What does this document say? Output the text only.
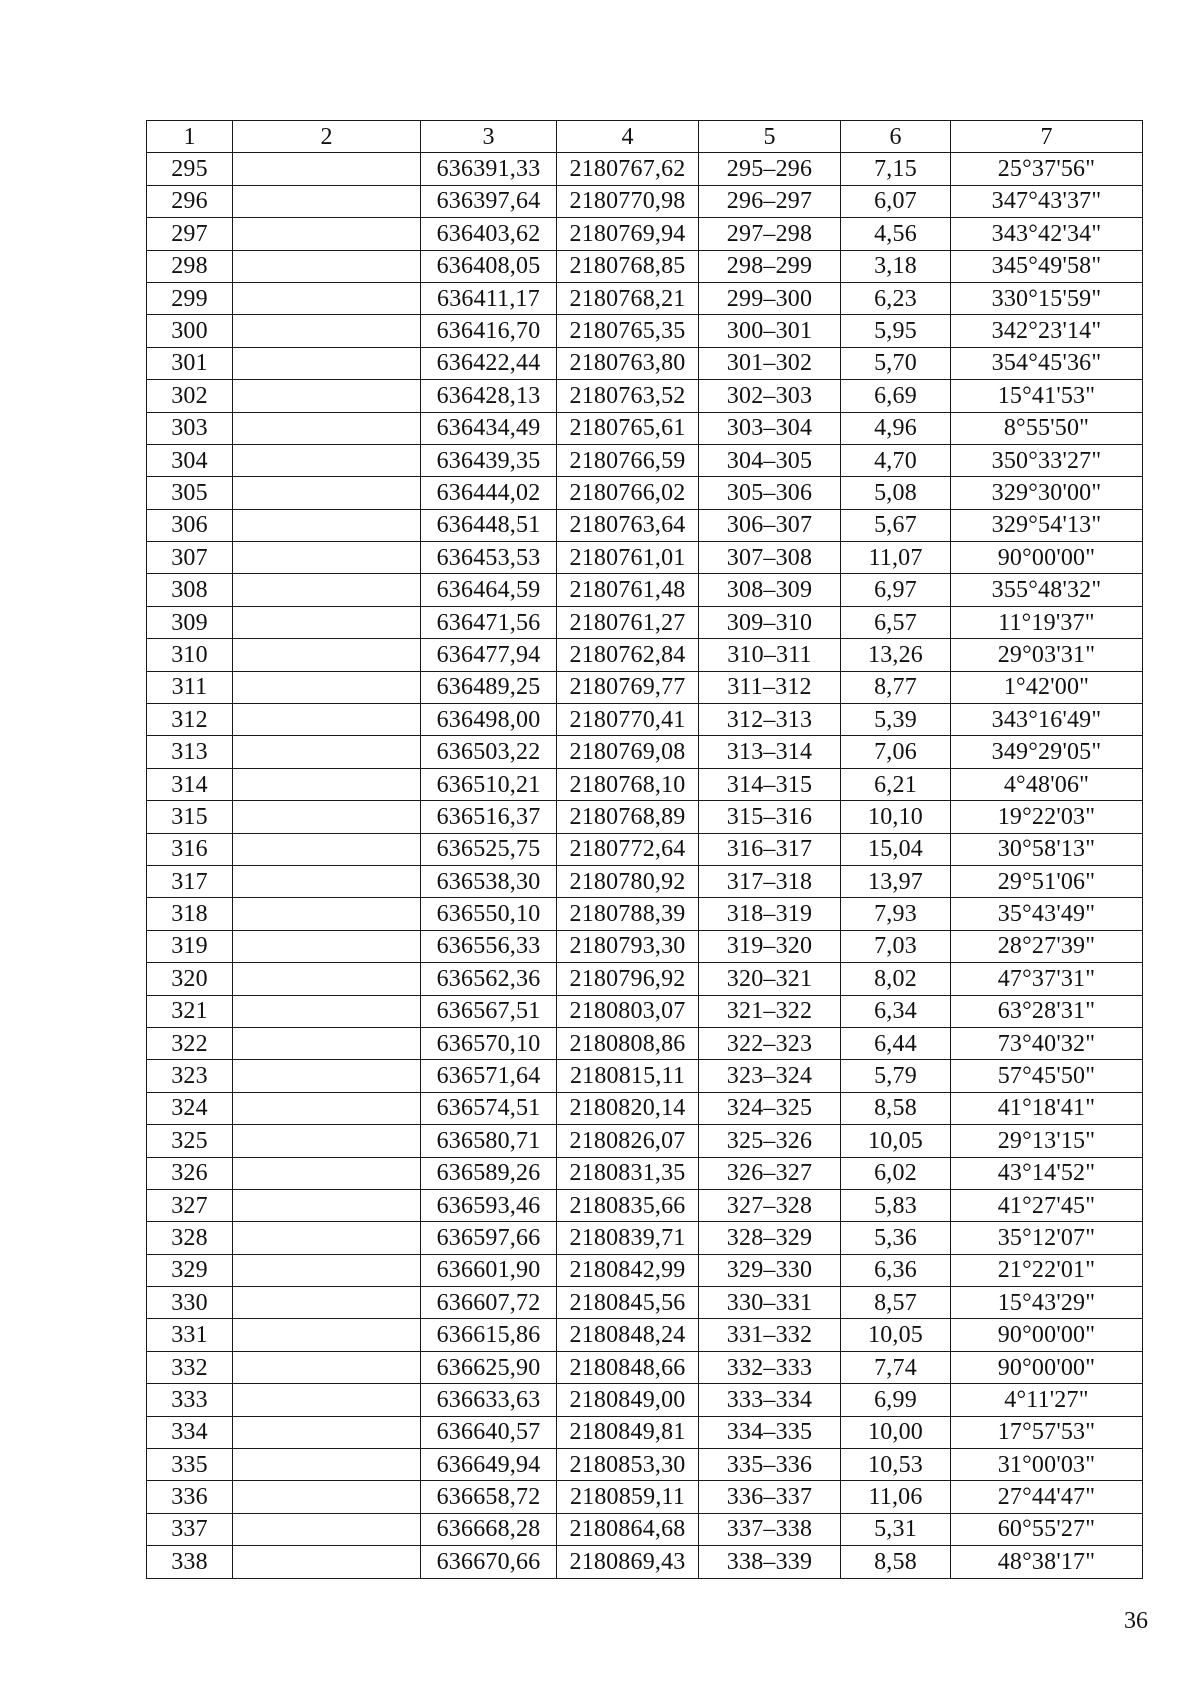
1	2	3	4	5	6	7
295		636391,33	2180767,62	295–296	7,15	25°37'56"
296		636397,64	2180770,98	296–297	6,07	347°43'37"
297		636403,62	2180769,94	297–298	4,56	343°42'34"
298		636408,05	2180768,85	298–299	3,18	345°49'58"
299		636411,17	2180768,21	299–300	6,23	330°15'59"
300		636416,70	2180765,35	300–301	5,95	342°23'14"
301		636422,44	2180763,80	301–302	5,70	354°45'36"
302		636428,13	2180763,52	302–303	6,69	15°41'53"
303		636434,49	2180765,61	303–304	4,96	8°55'50"
304		636439,35	2180766,59	304–305	4,70	350°33'27"
305		636444,02	2180766,02	305–306	5,08	329°30'00"
306		636448,51	2180763,64	306–307	5,67	329°54'13"
307		636453,53	2180761,01	307–308	11,07	90°00'00"
308		636464,59	2180761,48	308–309	6,97	355°48'32"
309		636471,56	2180761,27	309–310	6,57	11°19'37"
310		636477,94	2180762,84	310–311	13,26	29°03'31"
311		636489,25	2180769,77	311–312	8,77	1°42'00"
312		636498,00	2180770,41	312–313	5,39	343°16'49"
313		636503,22	2180769,08	313–314	7,06	349°29'05"
314		636510,21	2180768,10	314–315	6,21	4°48'06"
315		636516,37	2180768,89	315–316	10,10	19°22'03"
316		636525,75	2180772,64	316–317	15,04	30°58'13"
317		636538,30	2180780,92	317–318	13,97	29°51'06"
318		636550,10	2180788,39	318–319	7,93	35°43'49"
319		636556,33	2180793,30	319–320	7,03	28°27'39"
320		636562,36	2180796,92	320–321	8,02	47°37'31"
321		636567,51	2180803,07	321–322	6,34	63°28'31"
322		636570,10	2180808,86	322–323	6,44	73°40'32"
323		636571,64	2180815,11	323–324	5,79	57°45'50"
324		636574,51	2180820,14	324–325	8,58	41°18'41"
325		636580,71	2180826,07	325–326	10,05	29°13'15"
326		636589,26	2180831,35	326–327	6,02	43°14'52"
327		636593,46	2180835,66	327–328	5,83	41°27'45"
328		636597,66	2180839,71	328–329	5,36	35°12'07"
329		636601,90	2180842,99	329–330	6,36	21°22'01"
330		636607,72	2180845,56	330–331	8,57	15°43'29"
331		636615,86	2180848,24	331–332	10,05	90°00'00"
332		636625,90	2180848,66	332–333	7,74	90°00'00"
333		636633,63	2180849,00	333–334	6,99	4°11'27"
334		636640,57	2180849,81	334–335	10,00	17°57'53"
335		636649,94	2180853,30	335–336	10,53	31°00'03"
336		636658,72	2180859,11	336–337	11,06	27°44'47"
337		636668,28	2180864,68	337–338	5,31	60°55'27"
338		636670,66	2180869,43	338–339	8,58	48°38'17"
36
